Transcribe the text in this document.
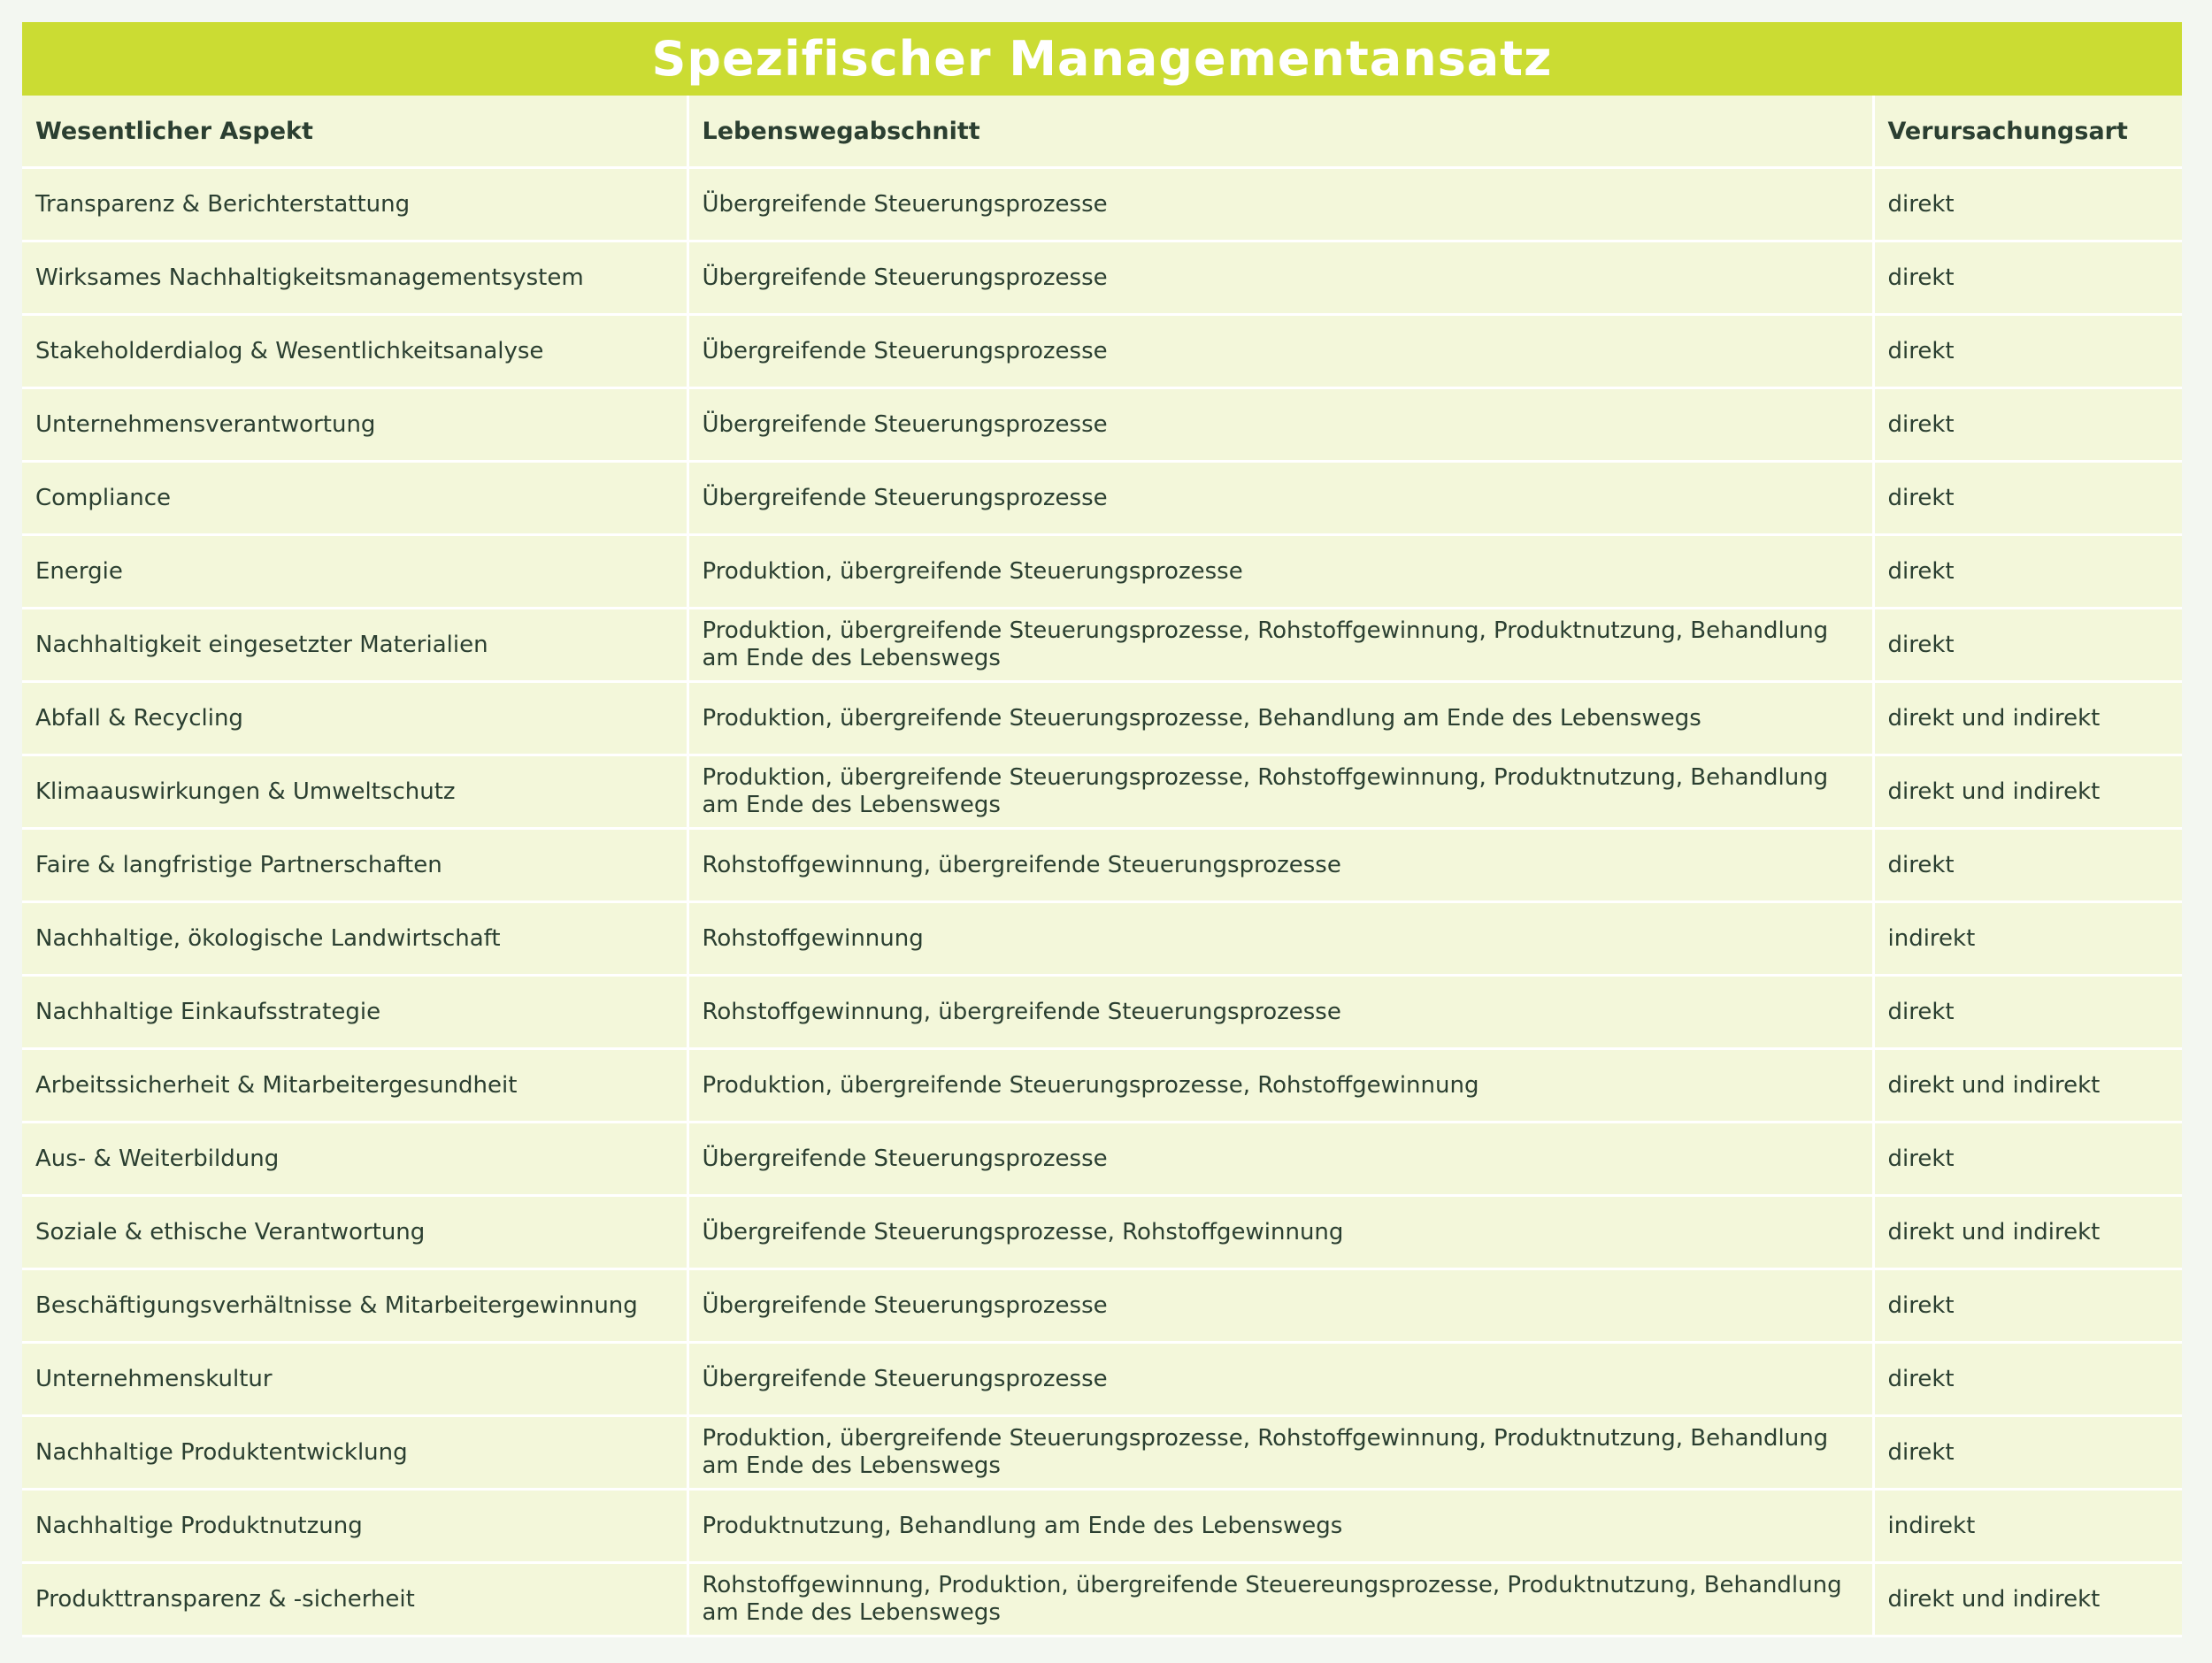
Spezifischer Managementansatz
Wesentlicher Aspekt	Lebenswegabschnitt	Verursachungsart
Transparenz & Berichterstattung	Übergreifende Steuerungsprozesse	direkt
Wirksames Nachhaltigkeitsmanagementsystem	Übergreifende Steuerungsprozesse	direkt
Stakeholderdialog & Wesentlichkeitsanalyse	Übergreifende Steuerungsprozesse	direkt
Unternehmensverantwortung	Übergreifende Steuerungsprozesse	direkt
Compliance	Übergreifende Steuerungsprozesse	direkt
Energie	Produktion, übergreifende Steuerungsprozesse	direkt
Nachhaltigkeit eingesetzter Materialien	Produktion, übergreifende Steuerungsprozesse, Rohstoffgewinnung, Produktnutzung, Behandlung am Ende des Lebenswegs	direkt
Abfall & Recycling	Produktion, übergreifende Steuerungsprozesse, Behandlung am Ende des Lebenswegs	direkt und indirekt
Klimaauswirkungen & Umweltschutz	Produktion, übergreifende Steuerungsprozesse, Rohstoffgewinnung, Produktnutzung, Behandlung am Ende des Lebenswegs	direkt und indirekt
Faire & langfristige Partnerschaften	Rohstoffgewinnung, übergreifende Steuerungsprozesse	direkt
Nachhaltige, ökologische Landwirtschaft	Rohstoffgewinnung	indirekt
Nachhaltige Einkaufsstrategie	Rohstoffgewinnung, übergreifende Steuerungsprozesse	direkt
Arbeitssicherheit & Mitarbeitergesundheit	Produktion, übergreifende Steuerungsprozesse, Rohstoffgewinnung	direkt und indirekt
Aus- & Weiterbildung	Übergreifende Steuerungsprozesse	direkt
Soziale & ethische Verantwortung	Übergreifende Steuerungsprozesse, Rohstoffgewinnung	direkt und indirekt
Beschäftigungsverhältnisse & Mitarbeitergewinnung	Übergreifende Steuerungsprozesse	direkt
Unternehmenskultur	Übergreifende Steuerungsprozesse	direkt
Nachhaltige Produktentwicklung	Produktion, übergreifende Steuerungsprozesse, Rohstoffgewinnung, Produktnutzung, Behandlung am Ende des Lebenswegs	direkt
Nachhaltige Produktnutzung	Produktnutzung, Behandlung am Ende des Lebenswegs	indirekt
Produkttransparenz & -sicherheit	Rohstoffgewinnung, Produktion, übergreifende Steuereungsprozesse, Produktnutzung, Behandlung am Ende des Lebenswegs	direkt und indirekt
